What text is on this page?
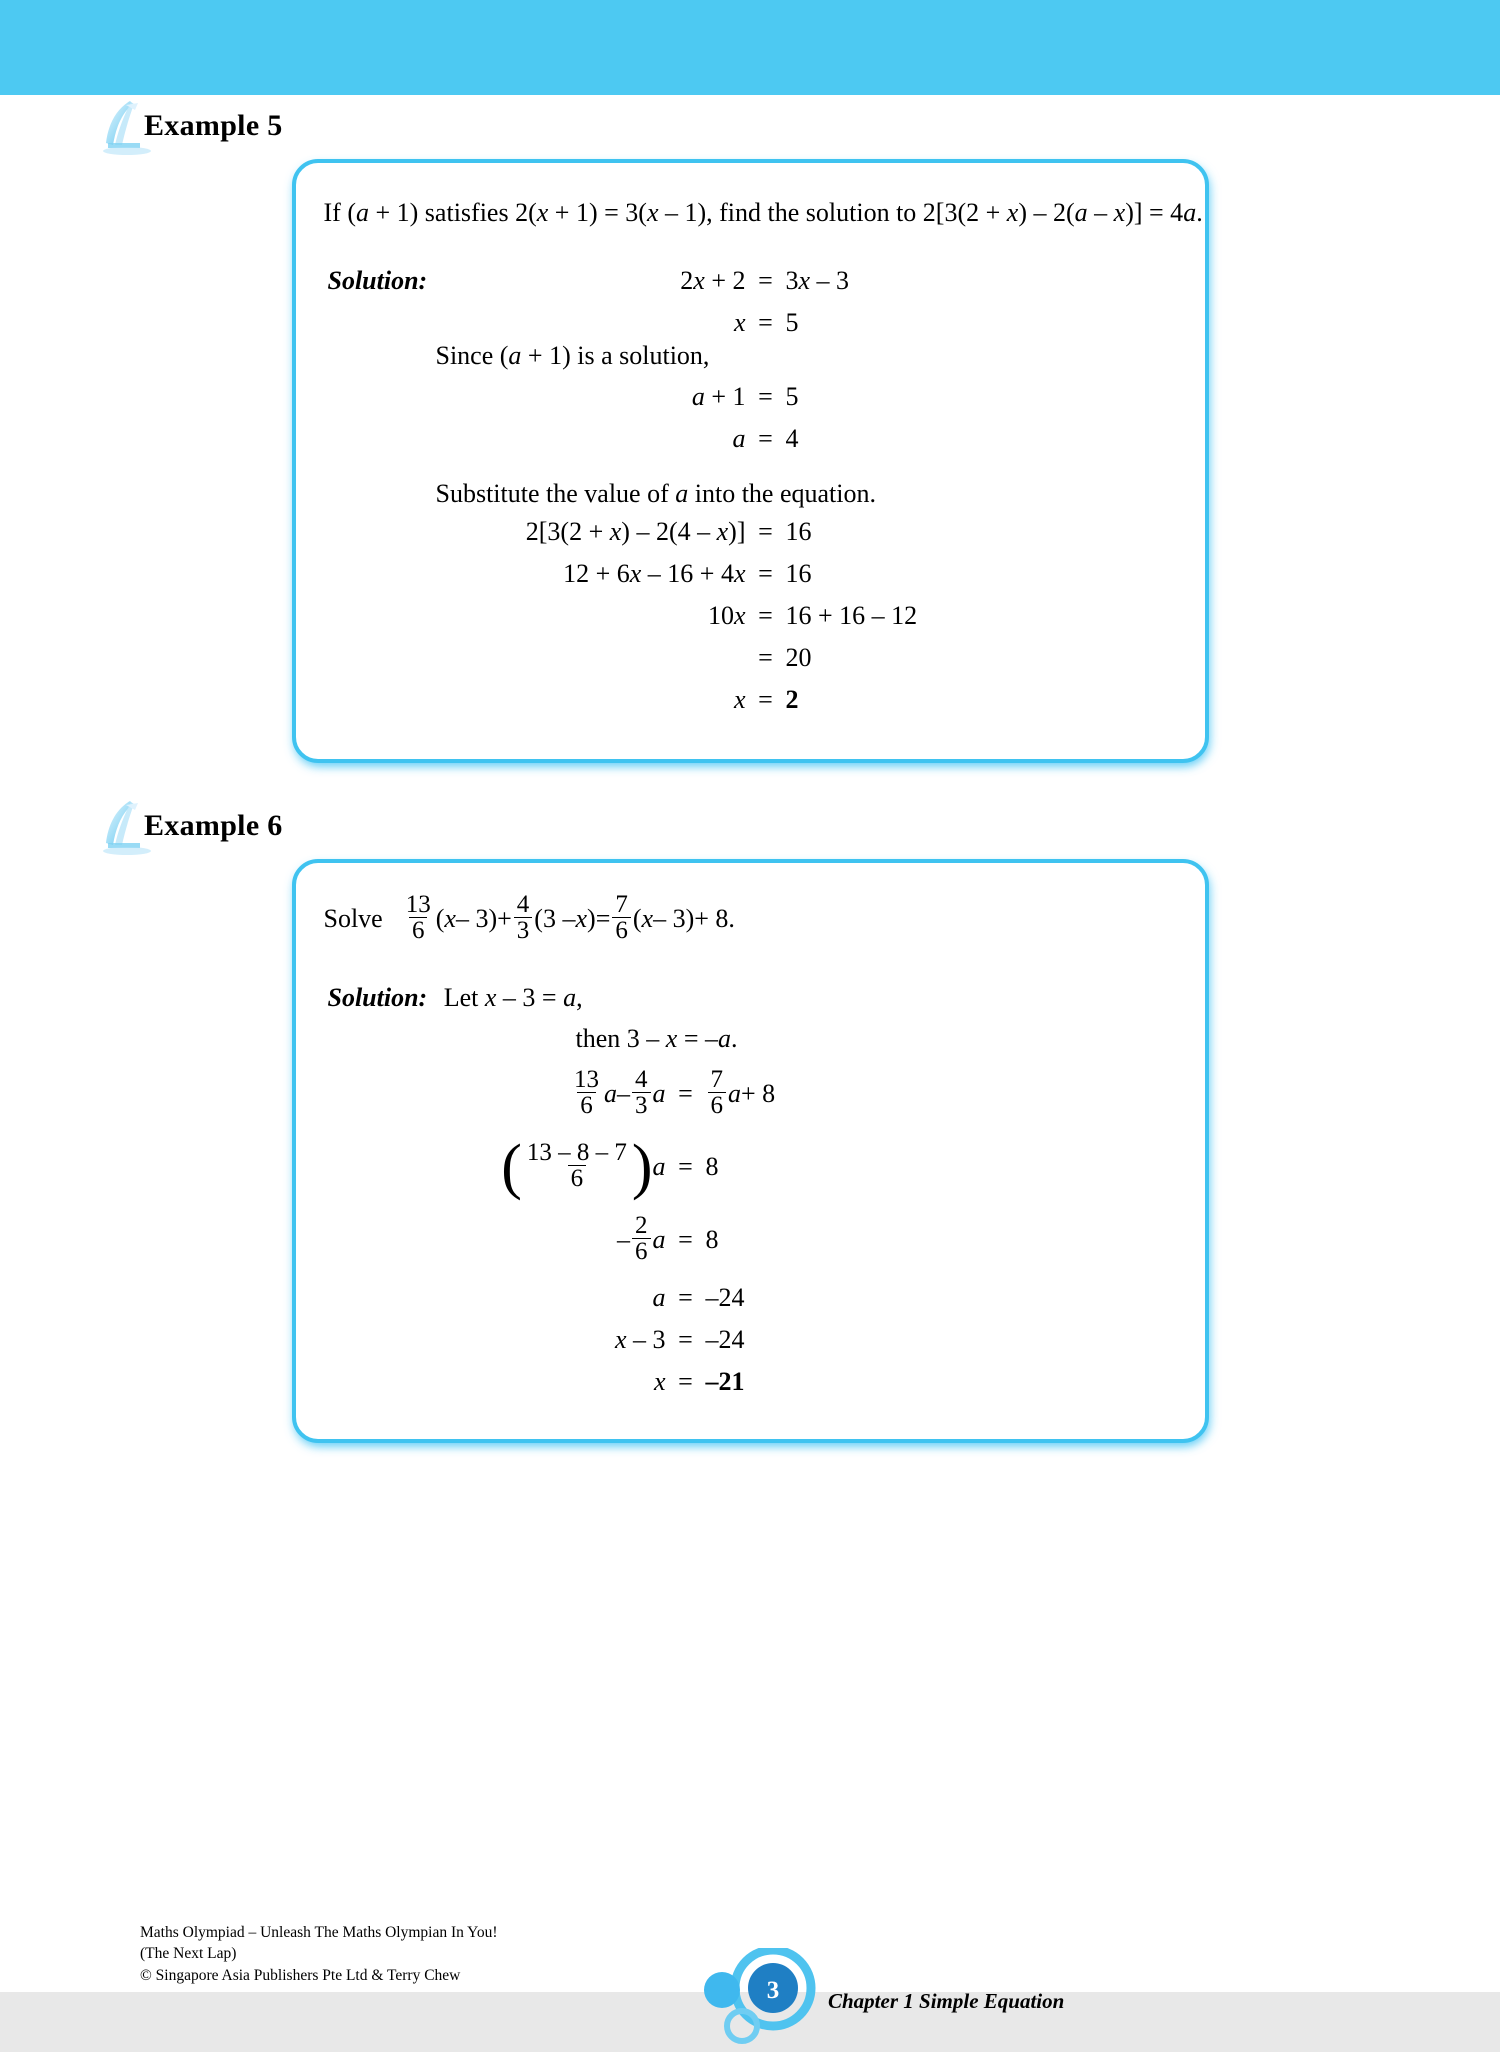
Example 5
If (a + 1) satisfies 2(x + 1) = 3(x – 1), find the solution to 2[3(2 + x) – 2(a – x)] = 4a.
Solution:	2x + 2 = 3x – 3
x = 5
Since (a + 1) is a solution,
a + 1 = 5
a = 4
Substitute the value of a into the equation.
2[3(2 + x) – 2(4 – x)] = 16
12 + 6x – 16 + 4x = 16
10x = 16 + 16 – 12
= 20
x = 2
Example 6
Solve $\frac{13}{6}$ ( $x - 3) + \frac{4}{3} (3 - x$ ) = $\frac{7}{6}$ ( x – 3) + 8.
Solution: Let x – 3 = a,
then 3 – x = –a.
$\frac{13}{6}$ a – $\frac{4}{3}$ $a = \frac{7}{6}$ a + 8
( $\frac{13 - 8 - 7}{6}$ ) a = 8
– $\frac{2}{6}$ a = 8
a = –24
x – 3 = –24
x = –21
Maths Olympiad – Unleash The Maths Olympian In You!
(The Next Lap)
© Singapore Asia Publishers Pte Ltd & Terry Chew
3 Chapter 1 Simple Equation
